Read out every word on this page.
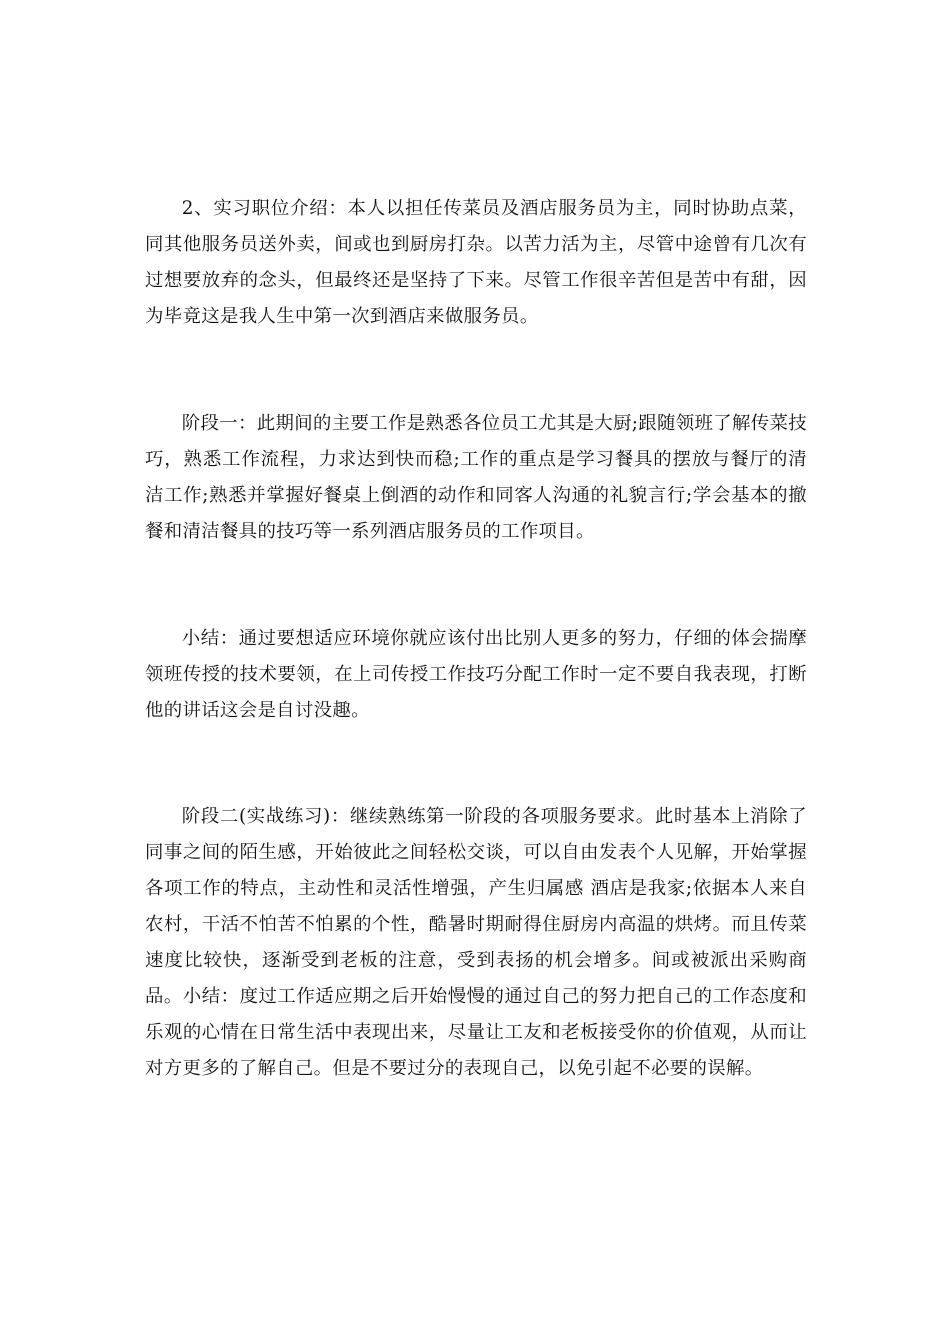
2、实习职位介绍：本人以担任传菜员及酒店服务员为主，同时协助点菜，同其他服务员送外卖，间或也到厨房打杂。以苦力活为主，尽管中途曾有几次有过想要放弃的念头，但最终还是坚持了下来。尽管工作很辛苦但是苦中有甜，因为毕竟这是我人生中第一次到酒店来做服务员。

阶段一：此期间的主要工作是熟悉各位员工尤其是大厨;跟随领班了解传菜技巧，熟悉工作流程，力求达到快而稳;工作的重点是学习餐具的摆放与餐厅的清洁工作;熟悉并掌握好餐桌上倒酒的动作和同客人沟通的礼貌言行;学会基本的撤餐和清洁餐具的技巧等一系列酒店服务员的工作项目。

小结：通过要想适应环境你就应该付出比别人更多的努力，仔细的体会揣摩领班传授的技术要领，在上司传授工作技巧分配工作时一定不要自我表现，打断他的讲话这会是自讨没趣。

阶段二(实战练习)：继续熟练第一阶段的各项服务要求。此时基本上消除了同事之间的陌生感，开始彼此之间轻松交谈，可以自由发表个人见解，开始掌握各项工作的特点，主动性和灵活性增强，产生归属感 酒店是我家;依据本人来自农村，干活不怕苦不怕累的个性，酷暑时期耐得住厨房内高温的烘烤。而且传菜速度比较快，逐渐受到老板的注意，受到表扬的机会增多。间或被派出采购商品。小结：度过工作适应期之后开始慢慢的通过自己的努力把自己的工作态度和乐观的心情在日常生活中表现出来，尽量让工友和老板接受你的价值观，从而让对方更多的了解自己。但是不要过分的表现自己，以免引起不必要的误解。
